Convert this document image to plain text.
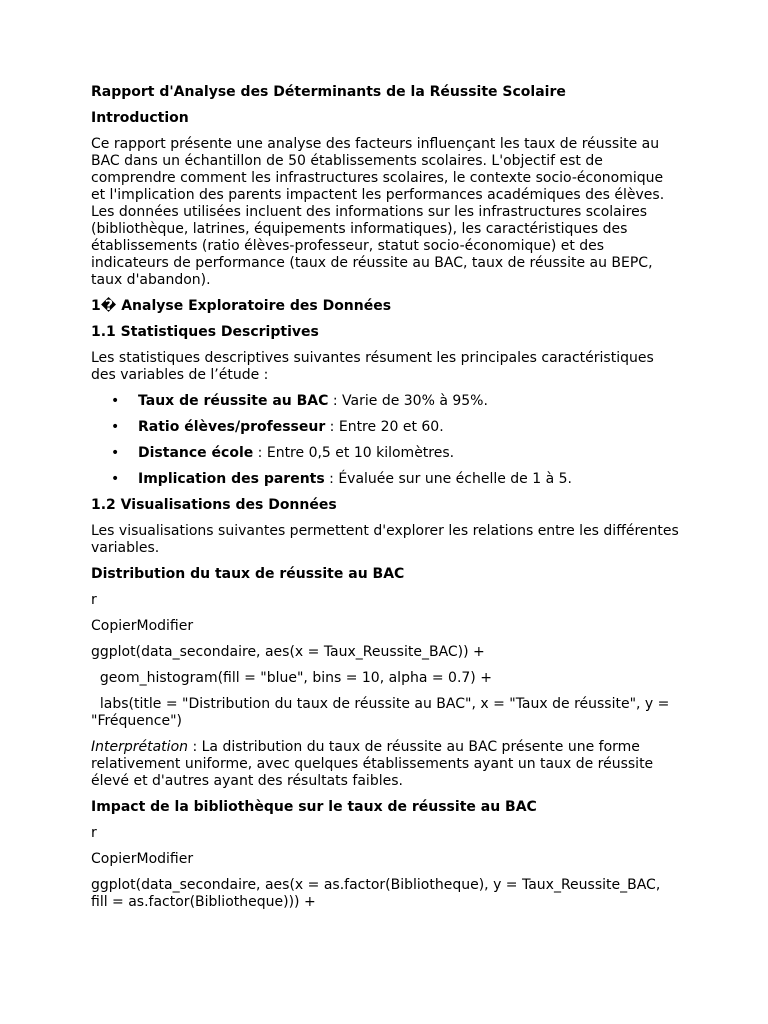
Rapport d'Analyse des Déterminants de la Réussite Scolaire

Introduction

Ce rapport présente une analyse des facteurs influençant les taux de réussite au BAC dans un échantillon de 50 établissements scolaires. L'objectif est de comprendre comment les infrastructures scolaires, le contexte socio-économique et l'implication des parents impactent les performances académiques des élèves. Les données utilisées incluent des informations sur les infrastructures scolaires (bibliothèque, latrines, équipements informatiques), les caractéristiques des établissements (ratio élèves-professeur, statut socio-économique) et des indicateurs de performance (taux de réussite au BAC, taux de réussite au BEPC, taux d'abandon).

1� Analyse Exploratoire des Données

1.1 Statistiques Descriptives

Les statistiques descriptives suivantes résument les principales caractéristiques des variables de l’étude :

• Taux de réussite au BAC : Varie de 30% à 95%.
• Ratio élèves/professeur : Entre 20 et 60.
• Distance école : Entre 0,5 et 10 kilomètres.
• Implication des parents : Évaluée sur une échelle de 1 à 5.

1.2 Visualisations des Données

Les visualisations suivantes permettent d'explorer les relations entre les différentes variables.

Distribution du taux de réussite au BAC

r

CopierModifier

ggplot(data_secondaire, aes(x = Taux_Reussite_BAC)) +

geom_histogram(fill = "blue", bins = 10, alpha = 0.7) +

labs(title = "Distribution du taux de réussite au BAC", x = "Taux de réussite", y = "Fréquence")

Interprétation : La distribution du taux de réussite au BAC présente une forme relativement uniforme, avec quelques établissements ayant un taux de réussite élevé et d'autres ayant des résultats faibles.

Impact de la bibliothèque sur le taux de réussite au BAC

r

CopierModifier

ggplot(data_secondaire, aes(x = as.factor(Bibliotheque), y = Taux_Reussite_BAC, fill = as.factor(Bibliotheque))) +
